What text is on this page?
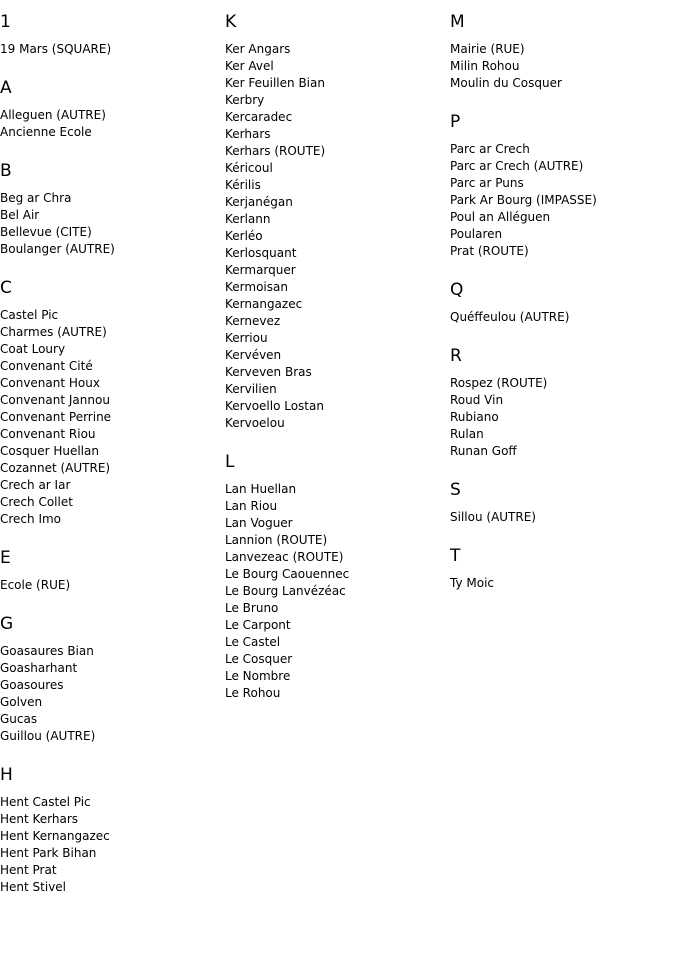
1
19 Mars (SQUARE)
A
Alleguen (AUTRE)
Ancienne Ecole
B
Beg ar Chra
Bel Air
Bellevue (CITE)
Boulanger (AUTRE)
C
Castel Pic
Charmes (AUTRE)
Coat Loury
Convenant Cité
Convenant Houx
Convenant Jannou
Convenant Perrine
Convenant Riou
Cosquer Huellan
Cozannet (AUTRE)
Crech ar Iar
Crech Collet
Crech Imo
E
Ecole (RUE)
G
Goasaures Bian
Goasharhant
Goasoures
Golven
Gucas
Guillou (AUTRE)
H
Hent Castel Pic
Hent Kerhars
Hent Kernangazec
Hent Park Bihan
Hent Prat
Hent Stivel
K
Ker Angars
Ker Avel
Ker Feuillen Bian
Kerbry
Kercaradec
Kerhars
Kerhars (ROUTE)
Kéricoul
Kérilis
Kerjanégan
Kerlann
Kerléo
Kerlosquant
Kermarquer
Kermoisan
Kernangazec
Kernevez
Kerriou
Kervéven
Kerveven Bras
Kervilien
Kervoello Lostan
Kervoelou
L
Lan Huellan
Lan Riou
Lan Voguer
Lannion (ROUTE)
Lanvezeac (ROUTE)
Le Bourg Caouennec
Le Bourg Lanvézéac
Le Bruno
Le Carpont
Le Castel
Le Cosquer
Le Nombre
Le Rohou
M
Mairie (RUE)
Milin Rohou
Moulin du Cosquer
P
Parc ar Crech
Parc ar Crech (AUTRE)
Parc ar Puns
Park Ar Bourg (IMPASSE)
Poul an Alléguen
Poularen
Prat (ROUTE)
Q
Quéffeulou (AUTRE)
R
Rospez (ROUTE)
Roud Vin
Rubiano
Rulan
Runan Goff
S
Sillou (AUTRE)
T
Ty Moic
